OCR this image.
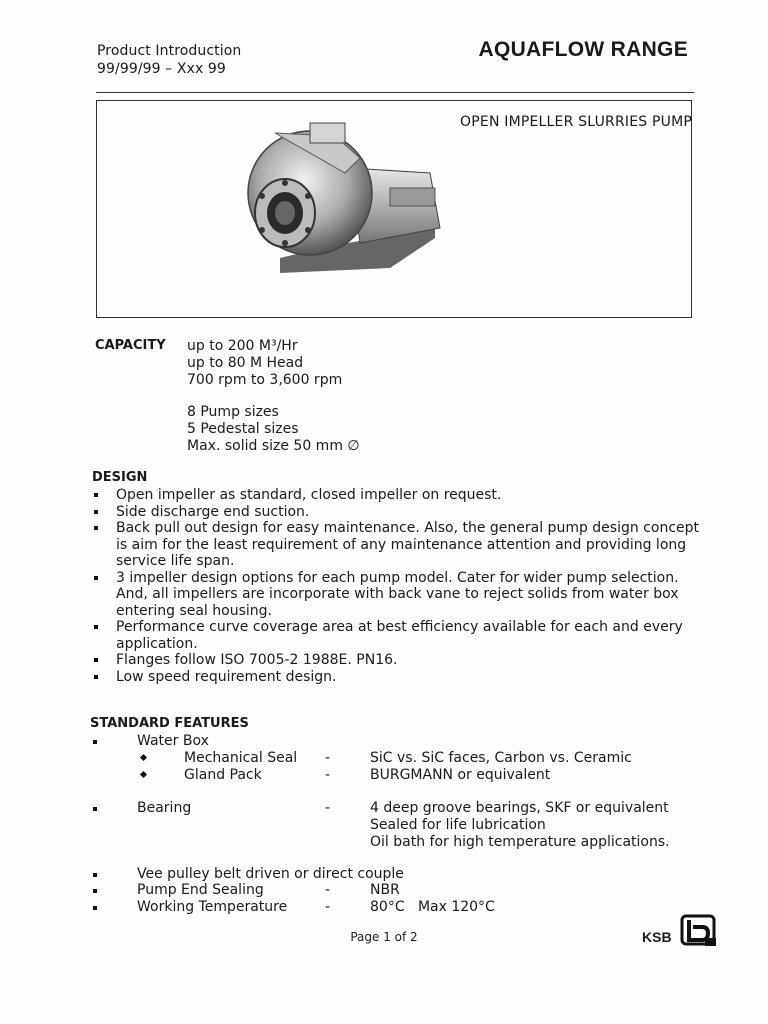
Product Introduction
99/99/99 – Xxx 99
AQUAFLOW RANGE
OPEN IMPELLER SLURRIES PUMP
CAPACITY up to 200 M³/Hr
up to 80 M Head
700 rpm to 3,600 rpm
8 Pump sizes
5 Pedestal sizes
Max. solid size 50 mm ∅
DESIGN
Open impeller as standard, closed impeller on request.
Side discharge end suction.
Back pull out design for easy maintenance. Also, the general pump design concept is aim for the least requirement of any maintenance attention and providing long service life span.
3 impeller design options for each pump model. Cater for wider pump selection. And, all impellers are incorporate with back vane to reject solids from water box entering seal housing.
Performance curve coverage area at best efficiency available for each and every application.
Flanges follow ISO 7005-2 1988E. PN16.
Low speed requirement design.
STANDARD FEATURES
Water Box
Mechanical Seal -	SiC vs. SiC faces, Carbon vs. Ceramic
Gland Pack	-	BURGMANN or equivalent
Bearing	-	4 deep groove bearings, SKF or equivalent
Sealed for life lubrication
Oil bath for high temperature applications.
Vee pulley belt driven or direct couple
Pump End Sealing	-	NBR
Working Temperature	-	80°C   Max 120°C
Page 1 of 2	KSB
